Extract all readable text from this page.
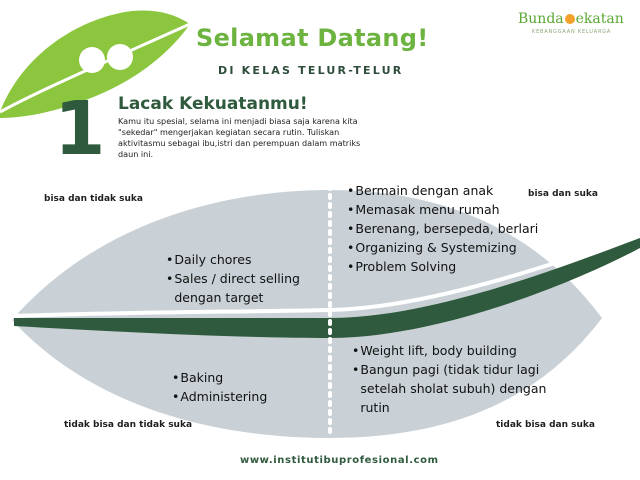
Selamat Datang!
DI KELAS TELUR-TELUR
Bunda ekatan
KEBANGGAAN KELUARGA
1 Lacak Kekuatanmu!

Kamu itu spesial, selama ini menjadi biasa saja karena kita "sekedar" mengerjakan kegiatan secara rutin. Tuliskan aktivitasmu sebagai ibu,istri dan perempuan dalam matriks daun ini.

bisa dan tidak suka	bisa dan suka
tidak bisa dan tidak suka	tidak bisa dan suka
•Bermain dengan anak
•Memasak menu rumah
•Berenang, bersepeda, berlari
•Organizing & Systemizing
•Problem Solving
•Daily chores
•Sales / direct selling
dengan target
•Weight lift, body building
•Bangun pagi (tidak tidur lagi
setelah sholat subuh) dengan
rutin
•Baking
•Administering
www.institutibuprofesional.com
